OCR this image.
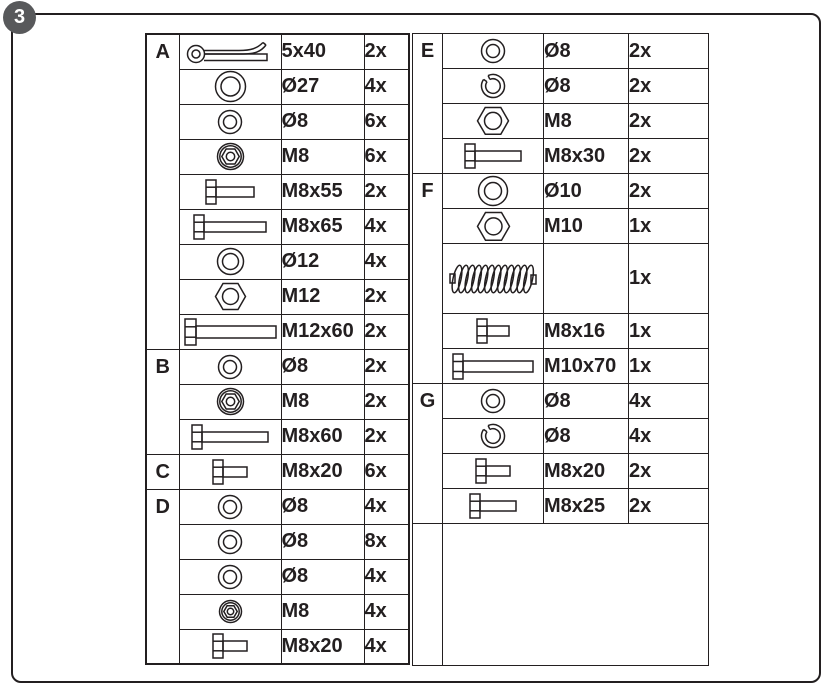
3
A		5x40	2x
	Ø27	4x
	Ø8	6x
	M8	6x
	M8x55	2x
	M8x65	4x
	Ø12	4x
	M12	2x
	M12x60	2x

B		Ø8	2x
	M8	2x
	M8x60	2x

C		M8x20	6x

D		Ø8	4x
	Ø8	8x
	Ø8	4x
	M8	4x
	M8x20	4x
E		Ø8	2x
	Ø8	2x
	M8	2x
	M8x30	2x

F		Ø10	2x
	M10	1x
		1x
	M8x16	1x
	M10x70	1x

G		Ø8	4x
	Ø8	4x
	M8x20	2x
	M8x25	2x
